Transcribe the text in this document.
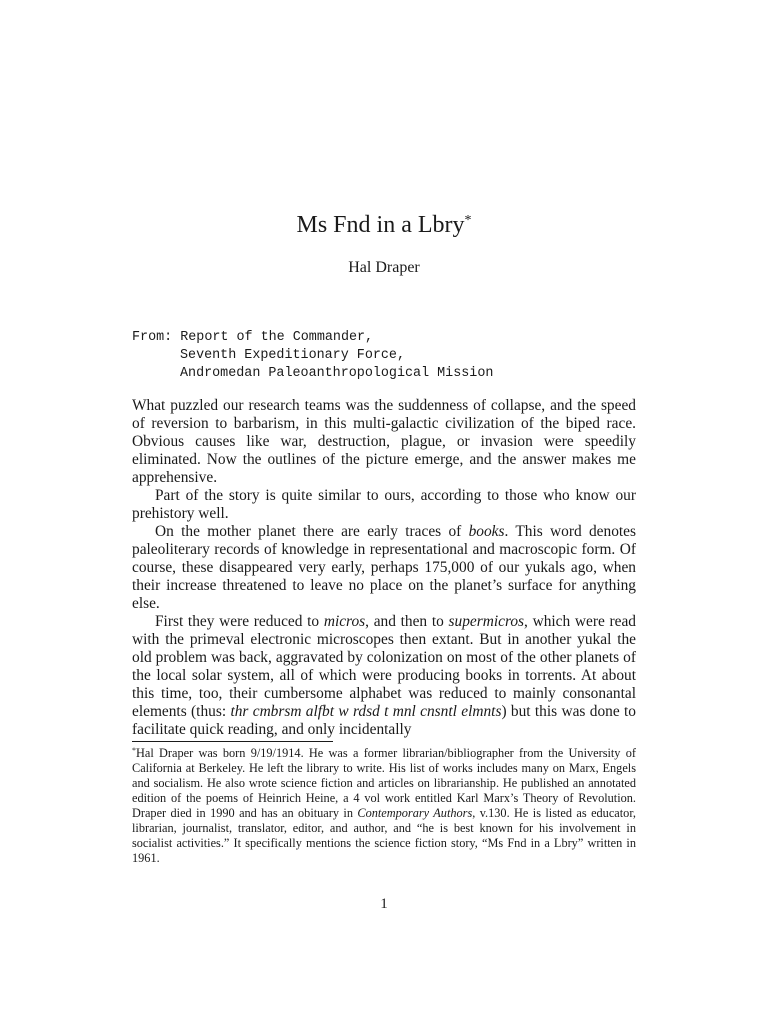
Ms Fnd in a Lbry*
Hal Draper
From: Report of the Commander,
Seventh Expeditionary Force,
Andromedan Paleoanthropological Mission

What puzzled our research teams was the suddenness of collapse, and the speed of reversion to barbarism, in this multi-galactic civilization of the biped race. Obvious causes like war, destruction, plague, or invasion were speedily eliminated. Now the outlines of the picture emerge, and the answer makes me apprehensive.

Part of the story is quite similar to ours, according to those who know our prehistory well.

On the mother planet there are early traces of books. This word denotes paleoliterary records of knowledge in representational and macroscopic form. Of course, these disappeared very early, perhaps 175,000 of our yukals ago, when their increase threatened to leave no place on the planet’s surface for anything else.

First they were reduced to micros, and then to supermicros, which were read with the primeval electronic microscopes then extant. But in another yukal the old problem was back, aggravated by colonization on most of the other planets of the local solar system, all of which were producing books in torrents. At about this time, too, their cumbersome alphabet was reduced to mainly consonantal elements (thus: thr cmbrsm alfbt w rdsd t mnl cnsntl elmnts) but this was done to facilitate quick reading, and only incidentally

*Hal Draper was born 9/19/1914. He was a former librarian/bibliographer from the University of California at Berkeley. He left the library to write. His list of works includes many on Marx, Engels and socialism. He also wrote science fiction and articles on librarianship. He published an annotated edition of the poems of Heinrich Heine, a 4 vol work entitled Karl Marx’s Theory of Revolution. Draper died in 1990 and has an obituary in Contemporary Authors, v.130. He is listed as educator, librarian, journalist, translator, editor, and author, and “he is best known for his involvement in socialist activities.” It specifically mentions the science fiction story, “Ms Fnd in a Lbry” written in 1961.
1
